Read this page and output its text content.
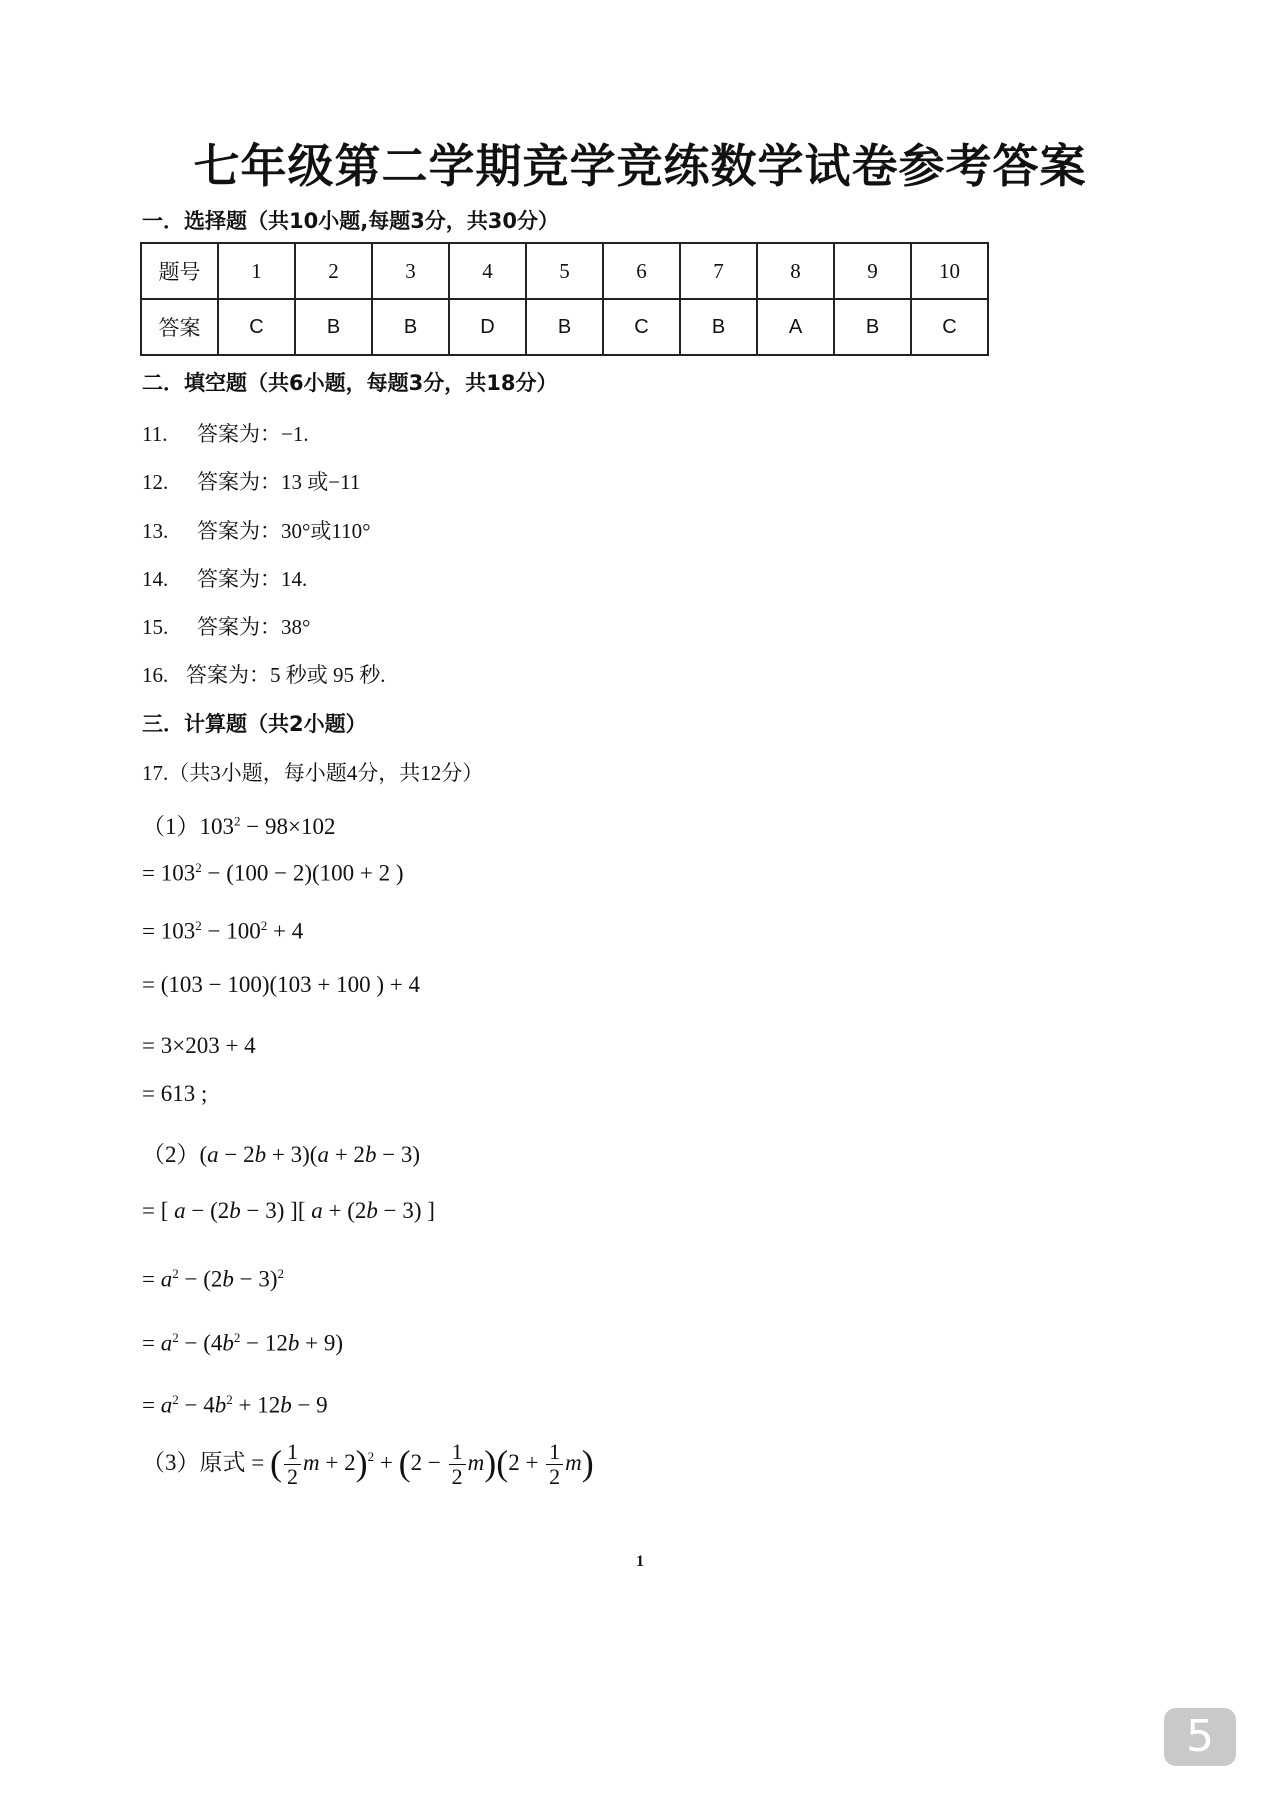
七年级第二学期竞学竞练数学试卷参考答案
一．选择题（共10小题,每题3分，共30分）
题号	1	2	3	4	5	6	7	8	9	10
答案	C	B	B	D	B	C	B	A	B	C
二．填空题（共6小题，每题3分，共18分）
11. 答案为：−1.
12. 答案为：13 或−11
13. 答案为：30°或110°
14. 答案为：14.
15. 答案为：38°
16. 答案为：5 秒或 95 秒.
三．计算题（共2小题）
17.（共3小题，每小题4分，共12分）
$(1)103^2 - 98\times 102$
= $103^2 - (100 - 2)(100 + 2$ )
= $103^2 - 100^2 + 4$
= (103 − 100)(103 + 100 ) + 4
= 3×203 + 4
= 613 ;
（2）(a − 2b + 3)(a + 2b − 3)
= [ a − (2b − 3) ][ a + (2b − 3) ]
= $a^2 - (2b - 3)^2$
= $a^2 - (4b^2 - 12b + 9)$
= $a^2 - 4b^2 + 12b - 9$
（3）原式 = ( $\frac{1}{2}$ $m + 2)^2 + (2 - \frac{1}{2} m)(2 + \frac{1}{2} m)$
1
5
